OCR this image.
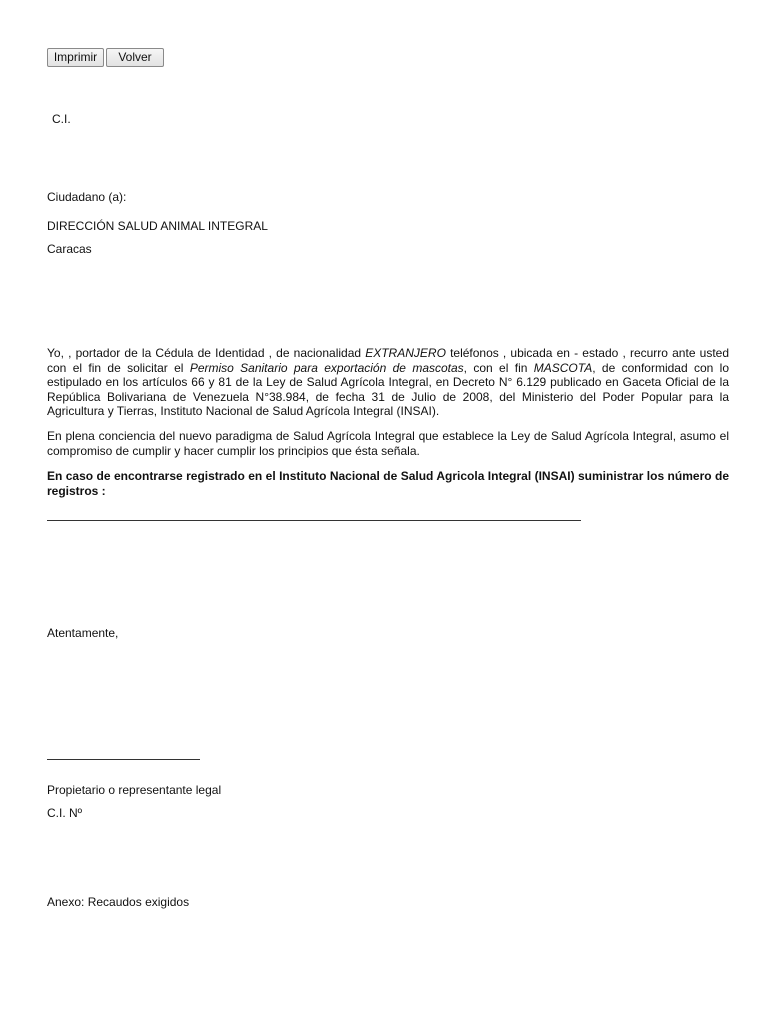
Imprimir	Volver
C.I.
Ciudadano (a):
DIRECCIÓN SALUD ANIMAL INTEGRAL
Caracas

Yo, , portador de la Cédula de Identidad , de nacionalidad EXTRANJERO teléfonos , ubicada en - estado , recurro ante usted con el fin de solicitar el Permiso Sanitario para exportación de mascotas, con el fin MASCOTA, de conformidad con lo estipulado en los artículos 66 y 81 de la Ley de Salud Agrícola Integral, en Decreto N° 6.129 publicado en Gaceta Oficial de la República Bolivariana de Venezuela N°38.984, de fecha 31 de Julio de 2008, del Ministerio del Poder Popular para la Agricultura y Tierras, Instituto Nacional de Salud Agrícola Integral (INSAI).

En plena conciencia del nuevo paradigma de Salud Agrícola Integral que establece la Ley de Salud Agrícola Integral, asumo el compromiso de cumplir y hacer cumplir los principios que ésta señala.

En caso de encontrarse registrado en el Instituto Nacional de Salud Agricola Integral (INSAI) suministrar los número de registros :

Atentamente,
Propietario o representante legal
C.I. Nº
Anexo: Recaudos exigidos
